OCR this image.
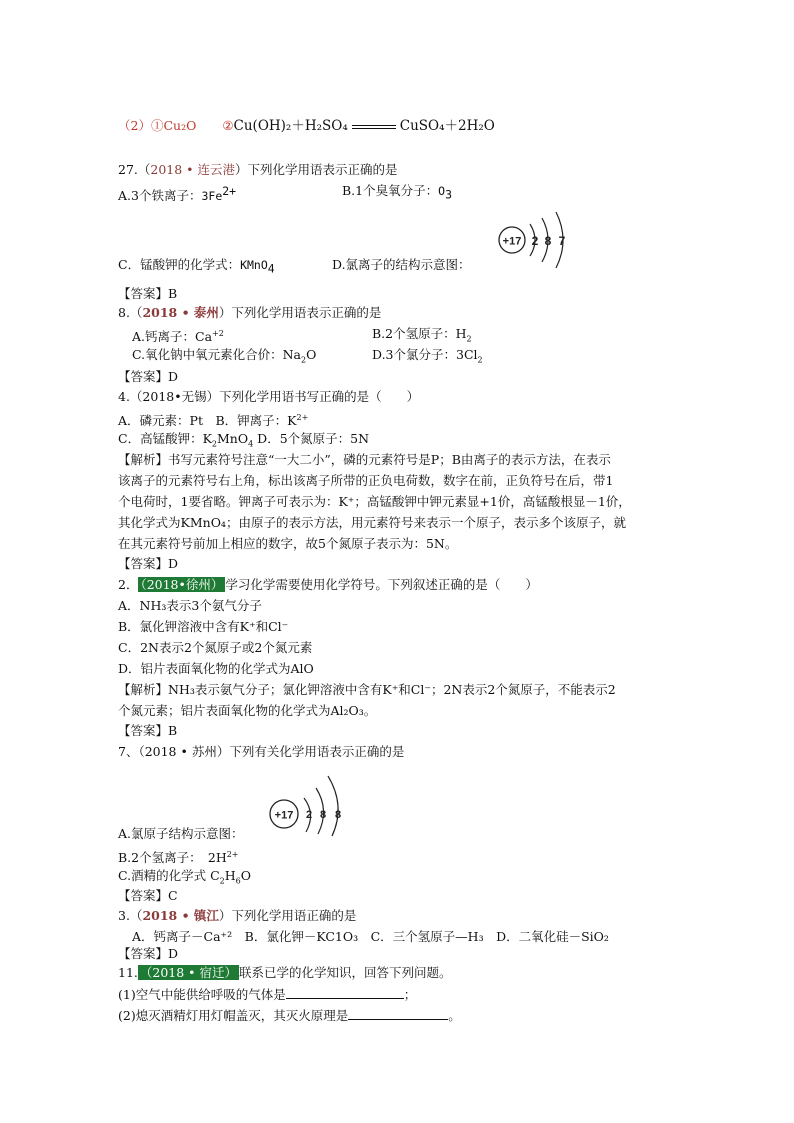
（2）①Cu₂O ②Cu(OH)₂＋H₂SO₄	CuSO₄＋2H₂O
27.（2018 • 连云港）下列化学用语表示正确的是
A.3个铁离子：$3Fe^{2+}$	B.1个臭氧分子：$O_3$
+17 2 8 7
C．锰酸钾的化学式：KMnO$_4$	D.氯离子的结构示意图：
【答案】B
8.（2018 • 泰州）下列化学用语表示正确的是
A.钙离子：$Ca^{+2}$	B.2个氢原子：$H_2$
C.氧化钠中氧元素化合价：$Na_2O$	D.3个氯分子：$3Cl_2$
【答案】D
4.（2018•无锡）下列化学用语书写正确的是（　　）
A．磷元素：Pt　B．钾离子：$K^{2+}$
C．高锰酸钾：$K_2MnO_4$ D．5个氮原子：5N
【解析】书写元素符号注意“一大二小”，磷的元素符号是P；B由离子的表示方法，在表示
该离子的元素符号右上角，标出该离子所带的正负电荷数，数字在前，正负符号在后，带1
个电荷时，1要省略。钾离子可表示为：K⁺；高锰酸钾中钾元素显+1价，高锰酸根显－1价，
其化学式为KMnO₄；由原子的表示方法，用元素符号来表示一个原子，表示多个该原子，就
在其元素符号前加上相应的数字，故5个氮原子表示为：5N。
【答案】D
2． （2018•徐州） 学习化学需要使用化学符号。下列叙述正确的是（　　）
A．NH₃表示3个氨气分子
B．氯化钾溶液中含有K⁺和Cl⁻
C．2N表示2个氮原子或2个氮元素
D．铝片表面氧化物的化学式为AlO
【解析】NH₃表示氨气分子；氯化钾溶液中含有K⁺和Cl⁻；2N表示2个氮原子，不能表示2
个氮元素；铝片表面氧化物的化学式为Al₂O₃。
【答案】B
7、（2018 • 苏州）下列有关化学用语表示正确的是
+17 2 8 8
A.氯原子结构示意图：
B.2个氢离子：　$2H^{2+}$
C.酒精的化学式 $C_2H_6O$
【答案】C
3.（2018 • 镇江）下列化学用语正确的是
A．钙离子－Ca⁺²　B．氯化钾－KC1O₃　C．三个氢原子—H₃　D．二氧化硅－SiO₂
【答案】D
11. （2018 • 宿迁） 联系已学的化学知识，回答下列问题。
(1)空气中能供给呼吸的气体是	；
(2)熄灭酒精灯用灯帽盖灭，其灭火原理是	。
